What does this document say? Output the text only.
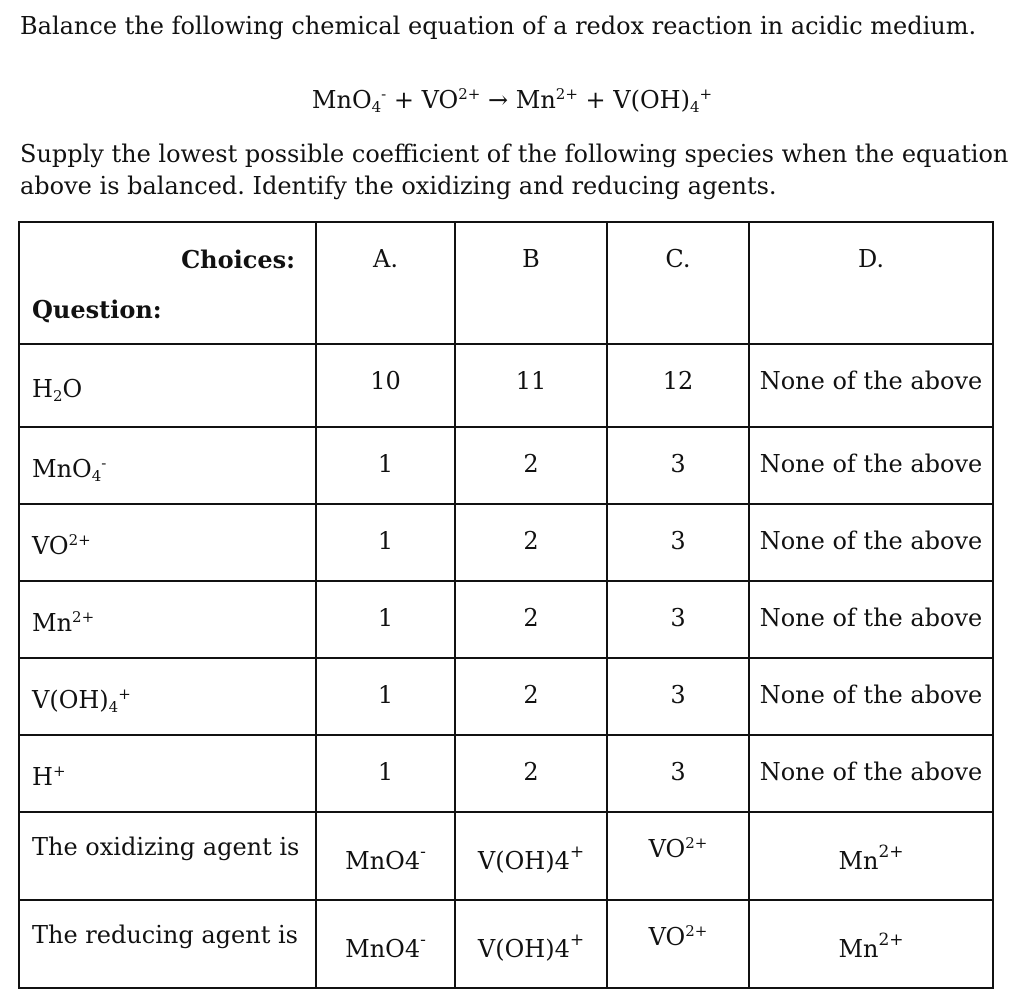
Balance the following chemical equation of a redox reaction in acidic medium.

$MnO_4^- + VO^{2+} \to Mn^{2+} + V(OH)_4^+$

Supply the lowest possible coefficient of the following species when the equation above is balanced. Identify the oxidizing and reducing agents.

Choices:
Question:	A.	B	C.	D.

$H_2O$	10	11	12	None of the above

MnO$_4$-	1	2	3	None of the above

$VO^{2+}$	1	2	3	None of the above

$Mn^{2+}$	1	2	3	None of the above

$V(OH)_4^+$	1	2	3	None of the above

H+	1	2	3	None of the above

The oxidizing agent is	MnO4-	V(OH)4+	$VO^{2+}$	$Mn^{2+}$

The reducing agent is	MnO4-	V(OH)4+	$VO^{2+}$	$Mn^{2+}$
